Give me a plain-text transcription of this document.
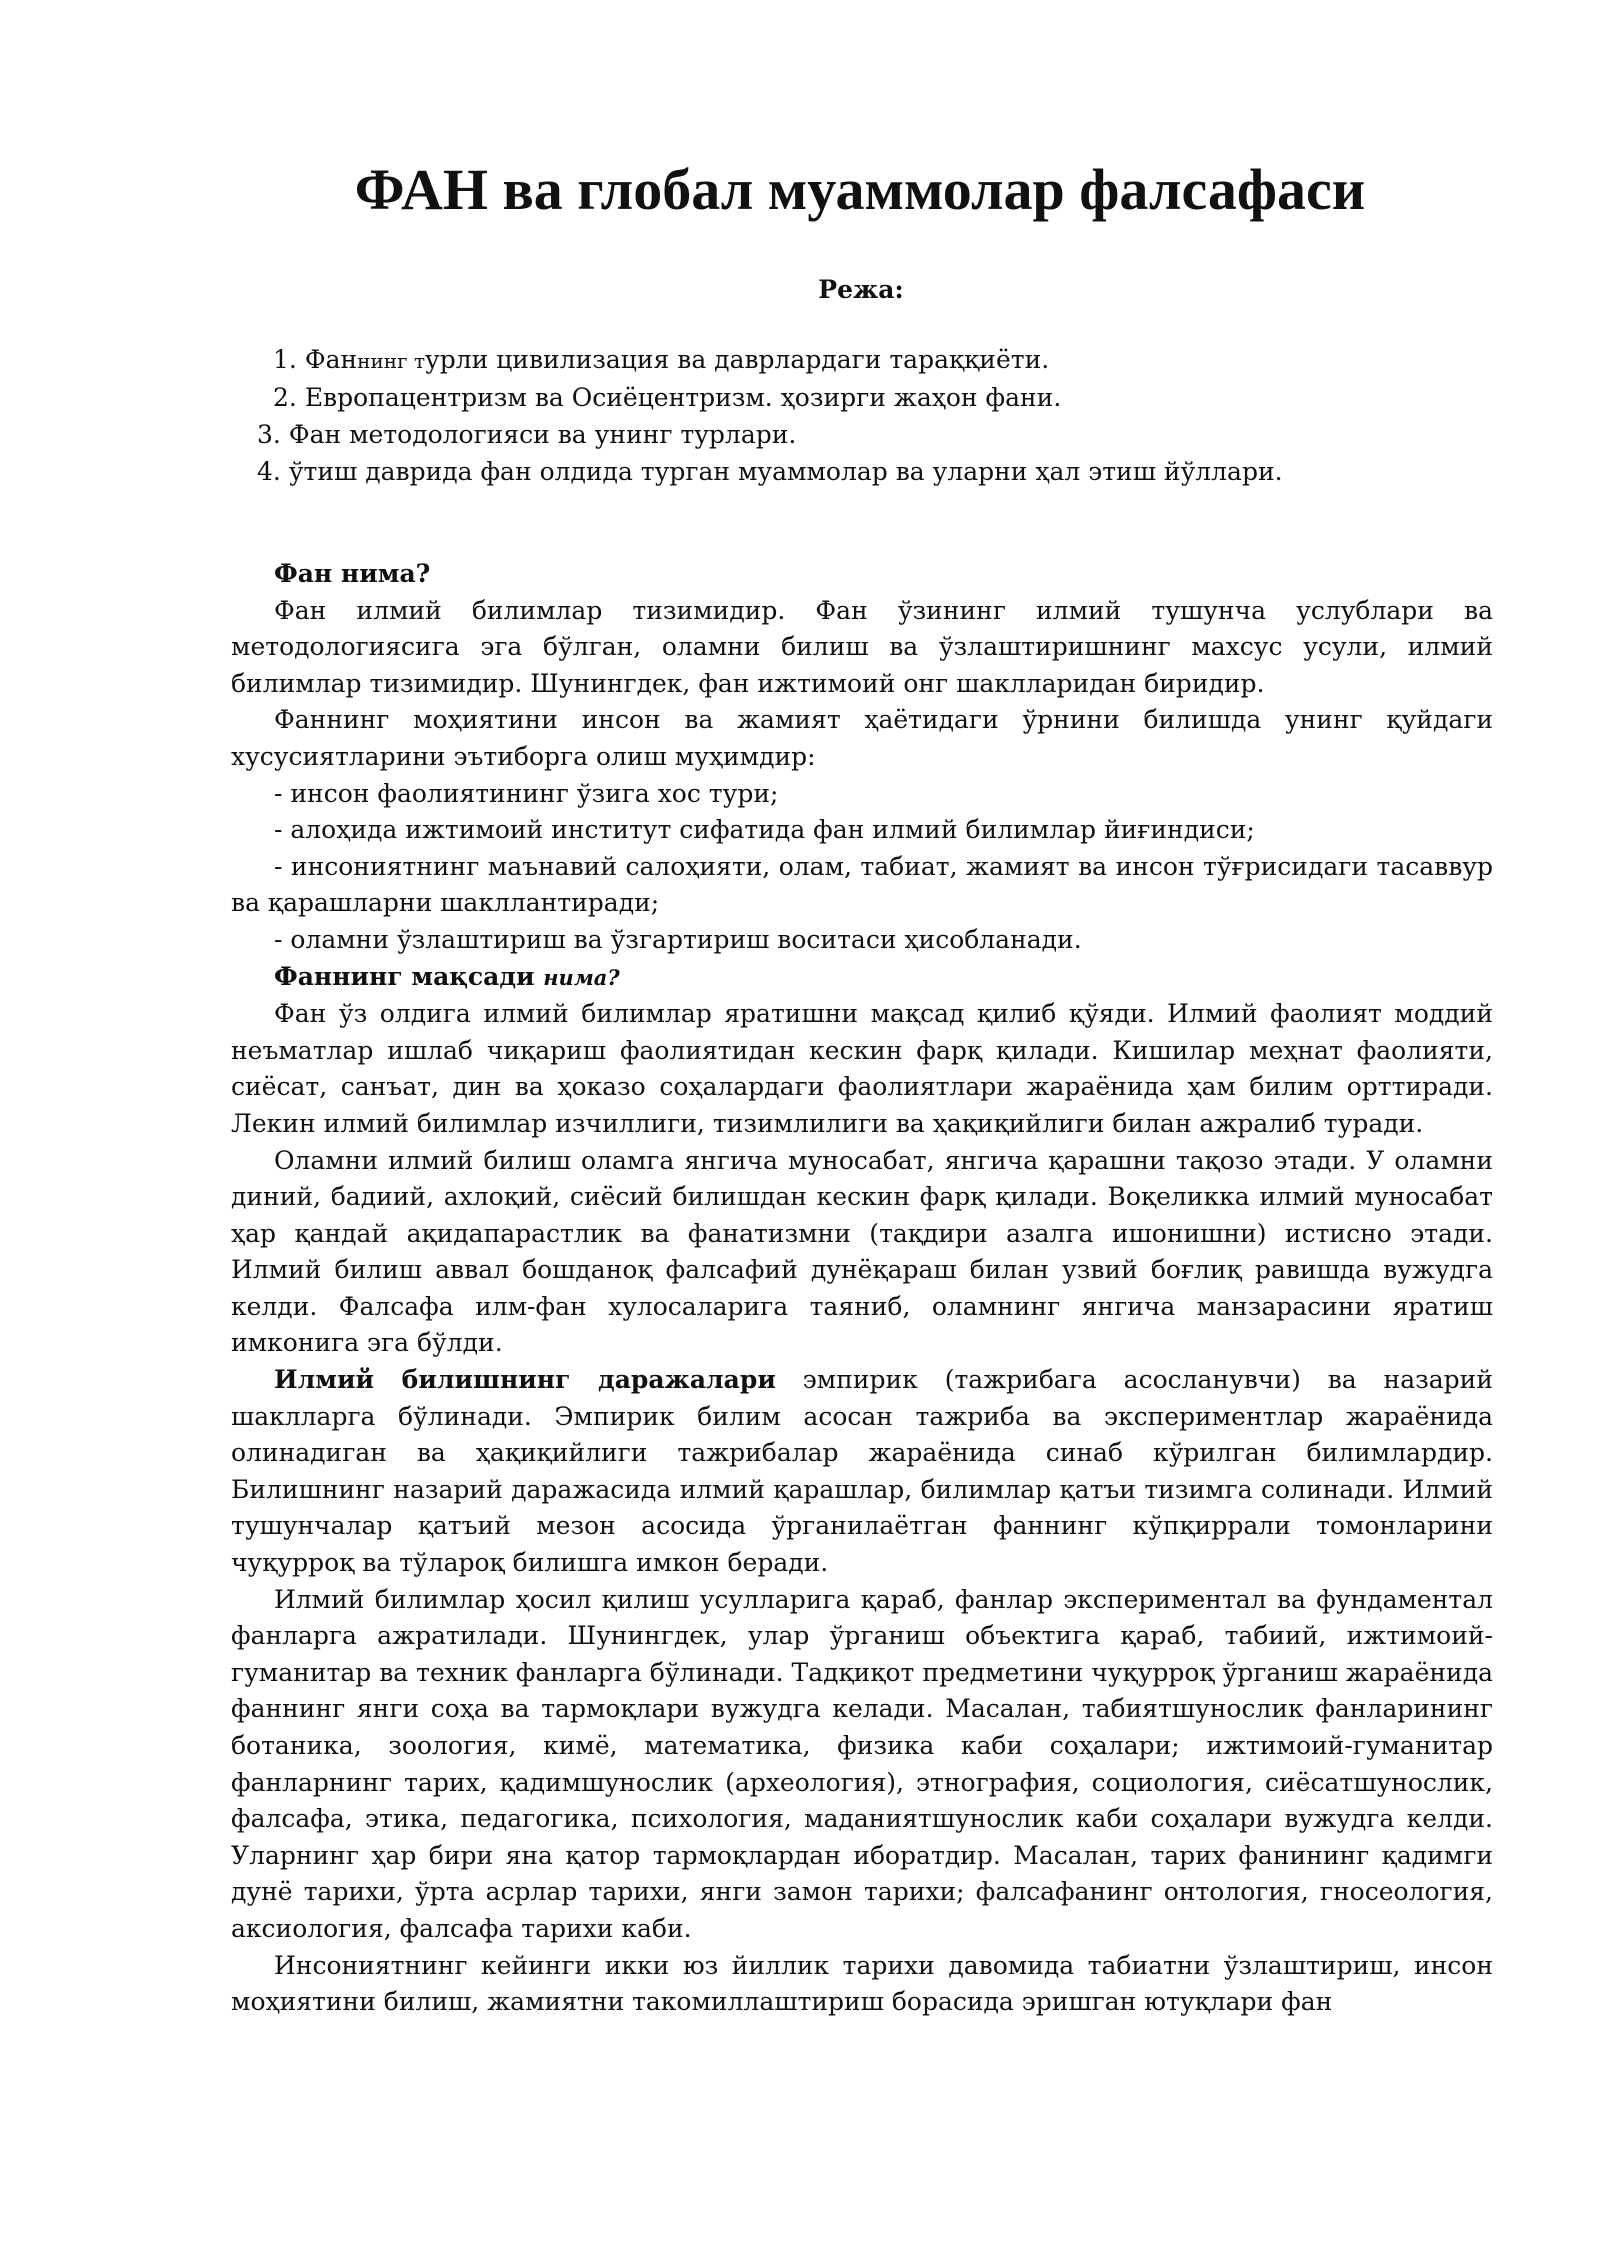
ФАН ва глобал муаммолар фалсафаси
Режа:
1. Фаннинг турли цивилизация ва даврлардаги тараққиёти.
2. Европацентризм ва Осиёцентризм. ҳозирги жаҳон фани.
3. Фан методологияси ва унинг турлари.
4. ўтиш даврида фан олдида турган муаммолар ва уларни ҳал этиш йўллари.

Фан нима?

Фан илмий билимлар тизимидир. Фан ўзининг илмий тушунча услублари ва методологиясига эга бўлган, оламни билиш ва ўзлаштиришнинг махсус усули, илмий билимлар тизимидир. Шунингдек, фан ижтимоий онг шаклларидан биридир.

Фаннинг моҳиятини инсон ва жамият ҳаётидаги ўрнини билишда унинг қуйдаги хусусиятларини эътиборга олиш муҳимдир:

- инсон фаолиятининг ўзига хос тури;

- алоҳида ижтимоий институт сифатида фан илмий билимлар йиғиндиси;

- инсониятнинг маънавий салоҳияти, олам, табиат, жамият ва инсон тўғрисидаги тасаввур ва қарашларни шакллантиради;

- оламни ўзлаштириш ва ўзгартириш воситаси ҳисобланади.

Фаннинг мақсади нима?

Фан ўз олдига илмий билимлар яратишни мақсад қилиб қўяди. Илмий фаолият моддий неъматлар ишлаб чиқариш фаолиятидан кескин фарқ қилади. Кишилар меҳнат фаолияти, сиёсат, санъат, дин ва ҳоказо соҳалардаги фаолиятлари жараёнида ҳам билим орттиради. Лекин илмий билимлар изчиллиги, тизимлилиги ва ҳақиқийлиги билан ажралиб туради.

Оламни илмий билиш оламга янгича муносабат, янгича қарашни тақозо этади. У оламни диний, бадиий, ахлоқий, сиёсий билишдан кескин фарқ қилади. Воқеликка илмий муносабат ҳар қандай ақидапарастлик ва фанатизмни (тақдири азалга ишонишни) истисно этади. Илмий билиш аввал бошданоқ фалсафий дунёқараш билан узвий боғлиқ равишда вужудга келди. Фалсафа илм-фан хулосаларига таяниб, оламнинг янгича манзарасини яратиш имконига эга бўлди.

Илмий билишнинг даражалари эмпирик (тажрибага асосланувчи) ва назарий шаклларга бўлинади. Эмпирик билим асосан тажриба ва экспериментлар жараёнида олинадиган ва ҳақиқийлиги тажрибалар жараёнида синаб кўрилган билимлардир. Билишнинг назарий даражасида илмий қарашлар, билимлар қатъи тизимга солинади. Илмий тушунчалар қатъий мезон асосида ўрганилаётган фаннинг кўпқиррали томонларини чуқурроқ ва тўлароқ билишга имкон беради.

Илмий билимлар ҳосил қилиш усулларига қараб, фанлар экспериментал ва фундаментал фанларга ажратилади. Шунингдек, улар ўрганиш объектига қараб, табиий, ижтимоий-гуманитар ва техник фанларга бўлинади. Тадқиқот предметини чуқурроқ ўрганиш жараёнида фаннинг янги соҳа ва тармоқлари вужудга келади. Масалан, табиятшунослик фанларининг ботаника, зоология, кимё, математика, физика каби соҳалари; ижтимоий-гуманитар фанларнинг тарих, қадимшунослик (археология), этнография, социология, сиёсатшунослик, фалсафа, этика, педагогика, психология, маданиятшунослик каби соҳалари вужудга келди. Уларнинг ҳар бири яна қатор тармоқлардан иборатдир. Масалан, тарих фанининг қадимги дунё тарихи, ўрта асрлар тарихи, янги замон тарихи; фалсафанинг онтология, гносеология, аксиология, фалсафа тарихи каби.

Инсониятнинг кейинги икки юз йиллик тарихи давомида табиатни ўзлаштириш, инсон моҳиятини билиш, жамиятни такомиллаштириш борасида эришган ютуқлари фан
